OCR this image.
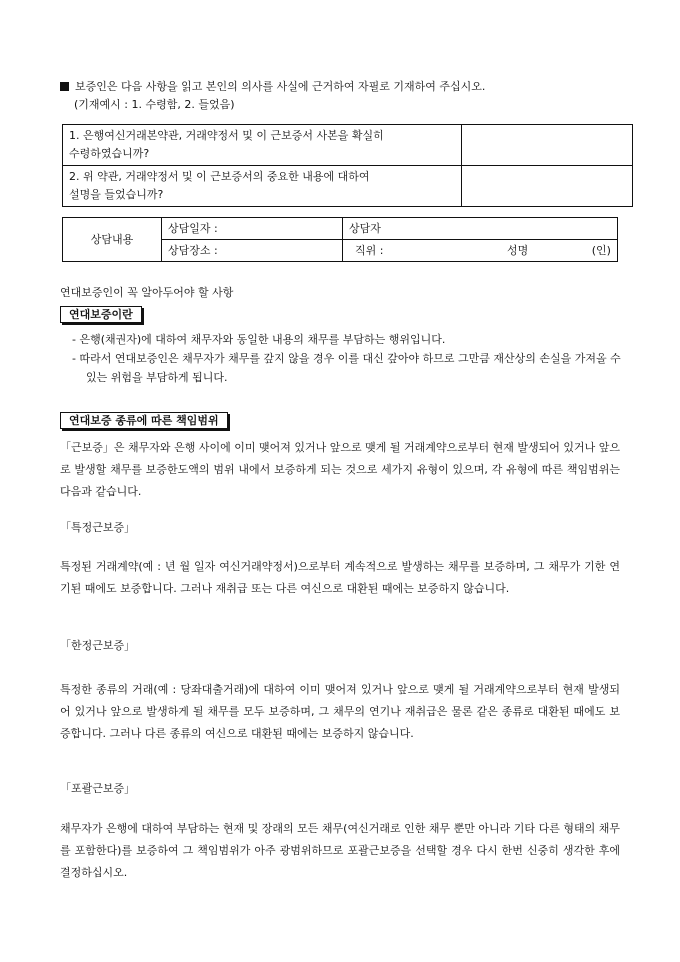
보증인은 다음 사항을 읽고 본인의 의사를 사실에 근거하여 자필로 기재하여 주십시오.
(기재예시 : 1. 수령함, 2. 들었음)
1. 은행여신거래본약관, 거래약정서 및 이 근보증서 사본을 확실히
수령하였습니까?	

2. 위 약관, 거래약정서 및 이 근보증서의 중요한 내용에 대하여
설명을 들었습니까?	

상담내용	상담일자 :	상담자
	상담장소 :	직위 : 성명 (인)
연대보증인이 꼭 알아두어야 할 사항
연대보증이란
- 은행(채권자)에 대하여 채무자와 동일한 내용의 채무를 부담하는 행위입니다.
- 따라서 연대보증인은 채무자가 채무를 갚지 않을 경우 이를 대신 갚아야 하므로 그만큼 재산상의 손실을 가져올 수 있는 위험을 부담하게 됩니다.
연대보증 종류에 따른 책임범위
「근보증」은 채무자와 은행 사이에 이미 맺어져 있거나 앞으로 맺게 될 거래계약으로부터 현재 발생되어 있거나 앞으로 발생할 채무를 보증한도액의 범위 내에서 보증하게 되는 것으로 세가지 유형이 있으며, 각 유형에 따른 책임범위는 다음과 같습니다.
「특정근보증」
특정된 거래계약(예 : 년 월 일자 여신거래약정서)으로부터 계속적으로 발생하는 채무를 보증하며, 그 채무가 기한 연기된 때에도 보증합니다. 그러나 재취급 또는 다른 여신으로 대환된 때에는 보증하지 않습니다.
「한정근보증」
특정한 종류의 거래(예 : 당좌대출거래)에 대하여 이미 맺어져 있거나 앞으로 맺게 될 거래계약으로부터 현재 발생되어 있거나 앞으로 발생하게 될 채무를 모두 보증하며, 그 채무의 연기나 재취급은 물론 같은 종류로 대환된 때에도 보증합니다. 그러나 다른 종류의 여신으로 대환된 때에는 보증하지 않습니다.
「포괄근보증」
채무자가 은행에 대하여 부담하는 현재 및 장래의 모든 채무(여신거래로 인한 채무 뿐만 아니라 기타 다른 형태의 채무를 포함한다)를 보증하여 그 책임범위가 아주 광범위하므로 포괄근보증을 선택할 경우 다시 한번 신중히 생각한 후에 결정하십시오.
